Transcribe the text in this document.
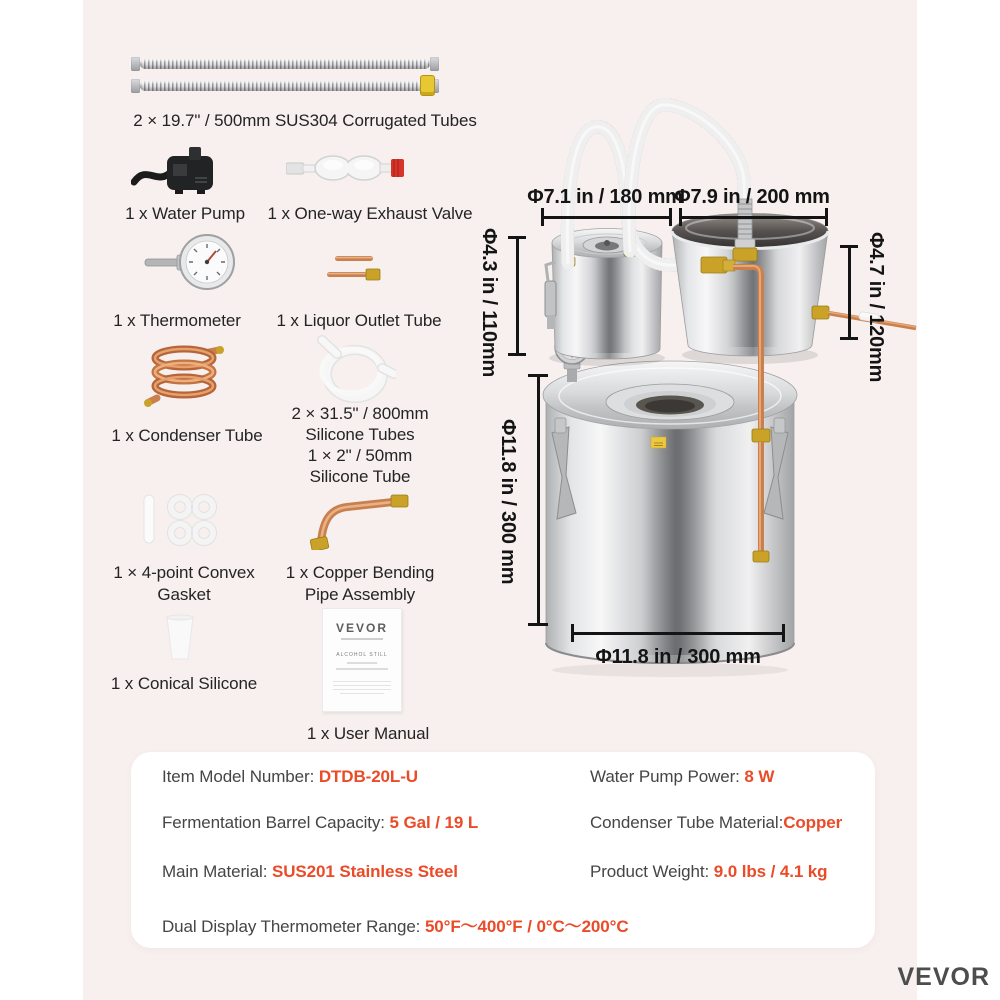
2 × 19.7" / 500mm SUS304 Corrugated Tubes
1 x Water Pump	1 x One-way Exhaust Valve
1 x Thermometer	1 x Liquor Outlet Tube
1 x Condenser Tube
2 × 31.5" / 800mm
Silicone Tubes
1 × 2" / 50mm
Silicone Tube
1 × 4-point Convex
Gasket
1 x Copper Bending
Pipe Assembly
1 x Conical Silicone
VEVOR
ALCOHOL STILL
1 x User Manual
Φ7.1 in / 180 mm
Φ7.9 in / 200 mm
Φ4.3 in / 110mm	Φ4.7 in / 120mm
Φ11.8 in / 300 mm
Φ11.8 in / 300 mm
Item Model Number: DTDB-20L-U	Water Pump Power: 8 W
Fermentation Barrel Capacity: 5 Gal / 19 L	Condenser Tube Material:Copper
Main Material: SUS201 Stainless Steel	Product Weight: 9.0 lbs / 4.1 kg
Dual Display Thermometer Range: 50°F～400°F / 0°C～200°C
VEVOR
